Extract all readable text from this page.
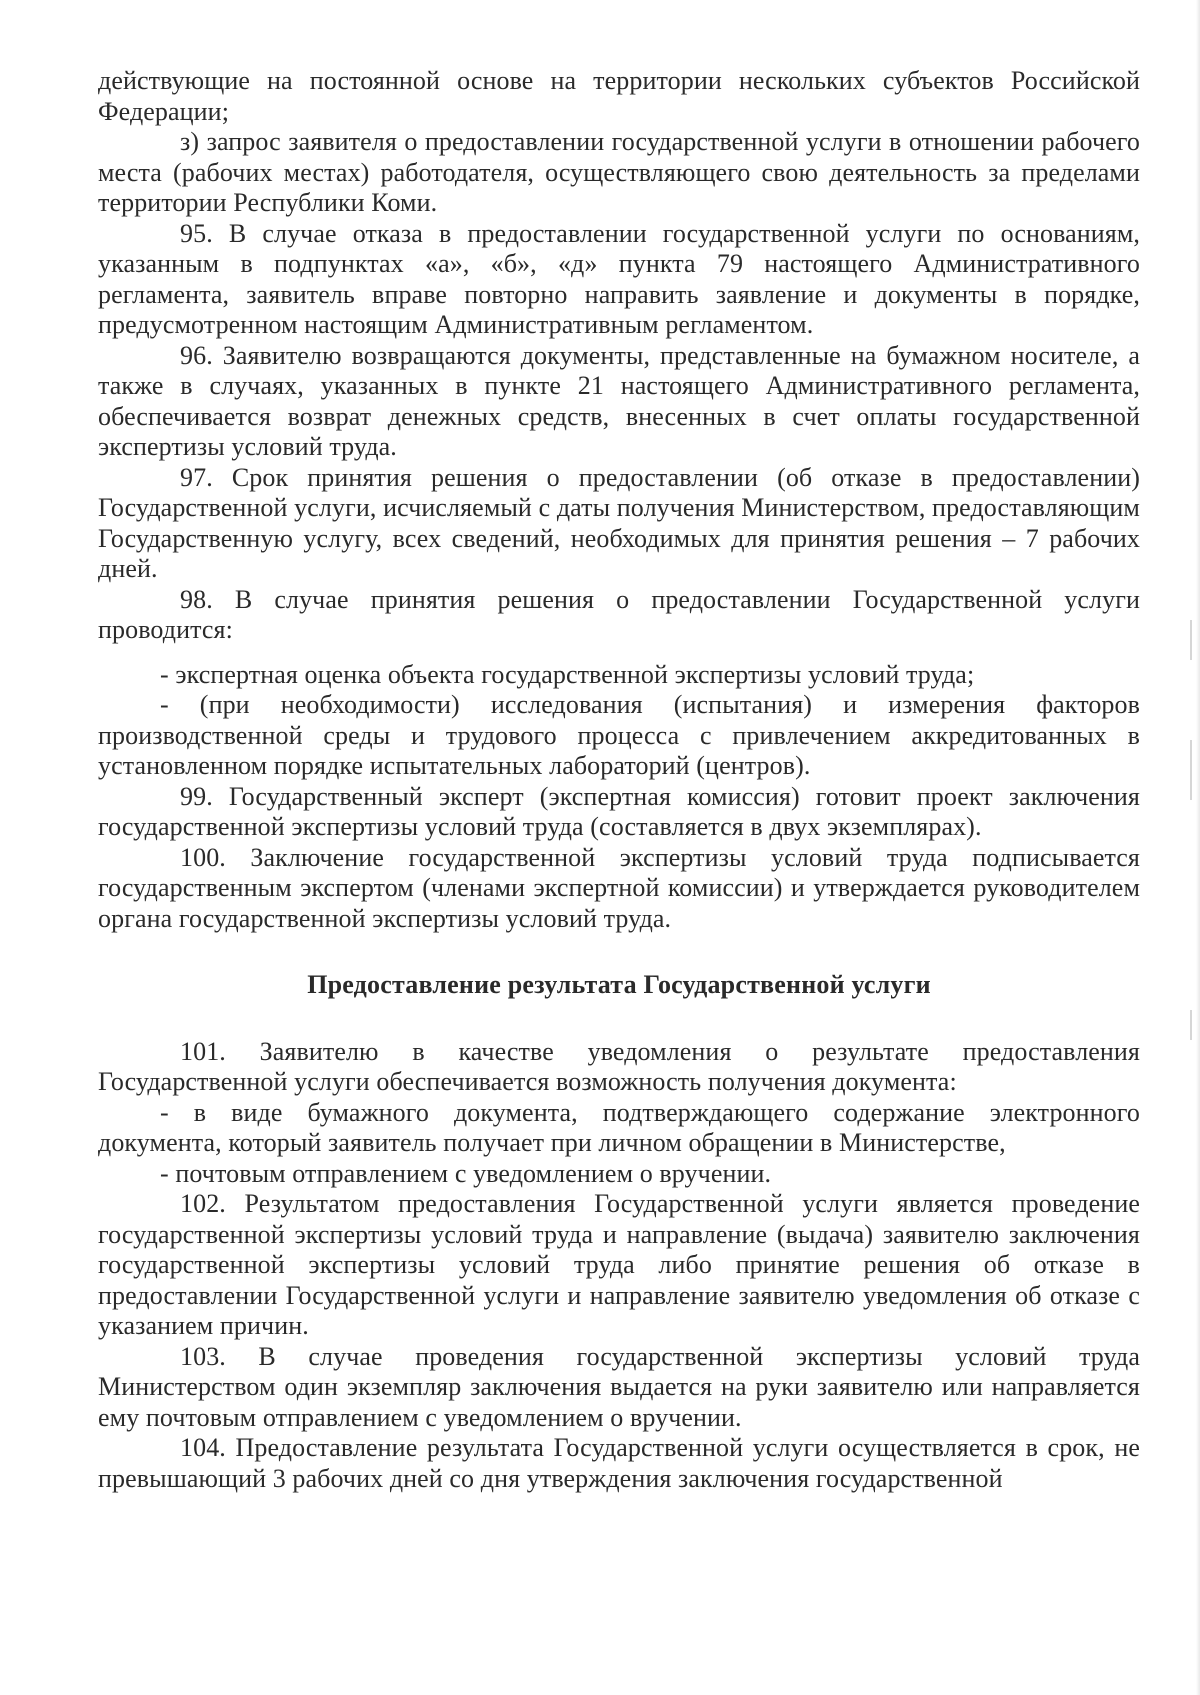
действующие на постоянной основе на территории нескольких субъектов Российской Федерации;

з) запрос заявителя о предоставлении государственной услуги в отношении рабочего места (рабочих местах) работодателя, осуществляющего свою деятельность за пределами территории Республики Коми.

95. В случае отказа в предоставлении государственной услуги по основаниям, указанным в подпунктах «а», «б», «д» пункта 79 настоящего Административного регламента, заявитель вправе повторно направить заявление и документы в порядке, предусмотренном настоящим Административным регламентом.

96. Заявителю возвращаются документы, представленные на бумажном носителе, а также в случаях, указанных в пункте 21 настоящего Административного регламента, обеспечивается возврат денежных средств, внесенных в счет оплаты государственной экспертизы условий труда.

97. Срок принятия решения о предоставлении (об отказе в предоставлении) Государственной услуги, исчисляемый с даты получения Министерством, предоставляющим Государственную услугу, всех сведений, необходимых для принятия решения – 7 рабочих дней.

98. В случае принятия решения о предоставлении Государственной услуги проводится:

- экспертная оценка объекта государственной экспертизы условий труда;

- (при необходимости) исследования (испытания) и измерения факторов производственной среды и трудового процесса с привлечением аккредитованных в установленном порядке испытательных лабораторий (центров).

99. Государственный эксперт (экспертная комиссия) готовит проект заключения государственной экспертизы условий труда (составляется в двух экземплярах).

100. Заключение государственной экспертизы условий труда подписывается государственным экспертом (членами экспертной комиссии) и утверждается руководителем органа государственной экспертизы условий труда.

Предоставление результата Государственной услуги

101. Заявителю в качестве уведомления о результате предоставления Государственной услуги обеспечивается возможность получения документа:

- в виде бумажного документа, подтверждающего содержание электронного документа, который заявитель получает при личном обращении в Министерстве,

- почтовым отправлением с уведомлением о вручении.

102. Результатом предоставления Государственной услуги является проведение государственной экспертизы условий труда и направление (выдача) заявителю заключения государственной экспертизы условий труда либо принятие решения об отказе в предоставлении Государственной услуги и направление заявителю уведомления об отказе с указанием причин.

103. В случае проведения государственной экспертизы условий труда Министерством один экземпляр заключения выдается на руки заявителю или направляется ему почтовым отправлением с уведомлением о вручении.

104. Предоставление результата Государственной услуги осуществляется в срок, не превышающий 3 рабочих дней со дня утверждения заключения государственной
